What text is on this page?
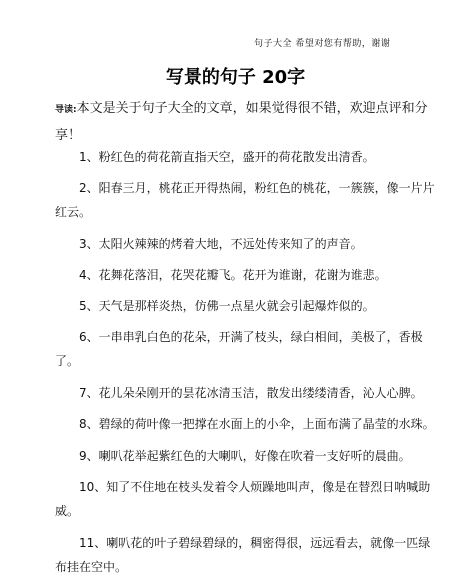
句子大全 希望对您有帮助，谢谢
写景的句子 20字
导读:本文是关于句子大全的文章，如果觉得很不错，欢迎点评和分享！
1、粉红色的荷花箭直指天空，盛开的荷花散发出清香。
2、阳春三月，桃花正开得热闹，粉红色的桃花，一簇簇，像一片片红云。
3、太阳火辣辣的烤着大地，不远处传来知了的声音。
4、花舞花落泪，花哭花瓣飞。花开为谁谢，花谢为谁悲。
5、天气是那样炎热，仿佛一点星火就会引起爆炸似的。
6、一串串乳白色的花朵，开满了枝头，绿白相间，美极了，香极了。
7、花儿朵朵刚开的昙花冰清玉洁，散发出缕缕清香，沁人心脾。
8、碧绿的荷叶像一把撑在水面上的小伞，上面布满了晶莹的水珠。
9、喇叭花举起紫红色的大喇叭，好像在吹着一支好听的晨曲。
10、知了不住地在枝头发着令人烦躁地叫声，像是在替烈日呐喊助威。
11、喇叭花的叶子碧绿碧绿的，稠密得很，远远看去，就像一匹绿布挂在空中。
